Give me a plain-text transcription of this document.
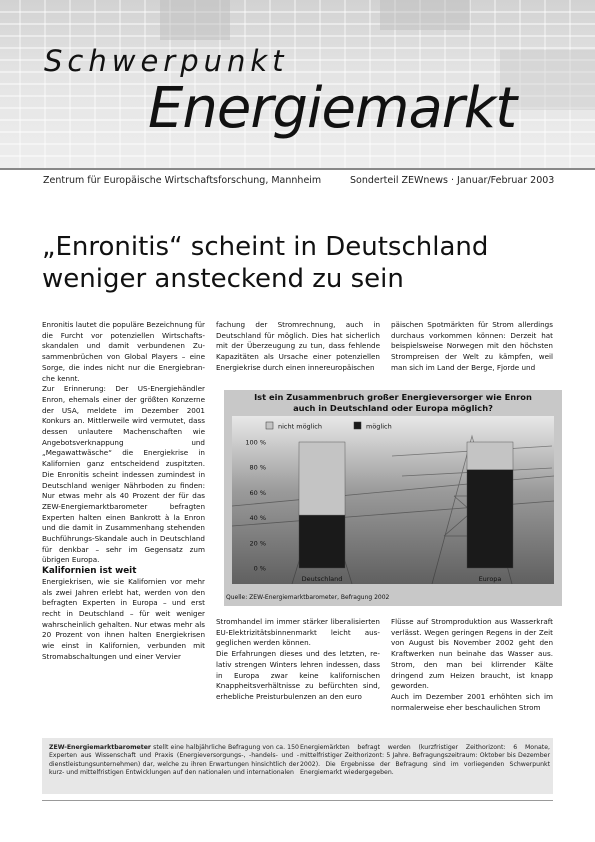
Schwerpunkt
Energiemarkt
Zentrum für Europäische Wirtschaftsforschung, Mannheim	Sonderteil ZEWnews · Januar/Februar 2003
„Enronitis“ scheint in Deutschland weniger ansteckend zu sein

Enronitis lautet die populäre Bezeichnung für die Furcht vor potenziellen Wirtschaftsskandalen und damit verbundenen Zusammenbrüchen von Global Players – eine Sorge, die indes nicht nur die Energiebranche kennt.

Zur Erinnerung: Der US-Energiehändler Enron, ehemals einer der größten Konzerne der USA, meldete im Dezember 2001 Konkurs an. Mittlerweile wird vermutet, dass dessen unlautere Machenschaften wie Angebotsverknappung und „Megawattwäsche“ die Energiekrise in Kalifornien ganz entscheidend zuspitzten. Die Enronitis scheint indessen zumindest in Deutschland weniger Nährboden zu finden: Nur etwas mehr als 40 Prozent der für das ZEW-Energiemarktbarometer befragten Experten halten einen Bankrott à la Enron und die damit in Zusammenhang stehenden Buchführungs-Skandale auch in Deutschland für denkbar – sehr im Gegensatz zum übrigen Europa.

Kalifornien ist weit

Energiekrisen, wie sie Kalifornien vor mehr als zwei Jahren erlebt hat, werden von den befragten Experten in Europa – und erst recht in Deutschland – für weit weniger wahrscheinlich gehalten. Nur etwas mehr als 20 Prozent von ihnen halten Energiekrisen wie einst in Kalifornien, verbunden mit Stromabschaltungen und einer Vervier

fachung der Stromrechnung, auch in Deutschland für möglich. Dies hat sicherlich mit der Überzeugung zu tun, dass fehlende Kapazitäten als Ursache einer potenziellen Energiekrise durch einen innereuropäischen

päischen Spotmärkten für Strom allerdings durchaus vorkommen können: Derzeit hat beispielsweise Norwegen mit den höchsten Strompreisen der Welt zu kämpfen, weil man sich im Land der Berge, Fjorde und

Ist ein Zusammenbruch großer Energieversorger wie Enron
auch in Deutschland oder Europa möglich?
nicht möglich	möglich
0 %
20 %
40 %
60 %
80 %
100 %
Deutschland	Europa
Quelle: ZEW-Energiemarktbarometer, Befragung 2002

Stromhandel im immer stärker liberalisierten EU-Elektrizitätsbinnenmarkt leicht ausgeglichen werden können.

Die Erfahrungen dieses und des letzten, relativ strengen Winters lehren indessen, dass in Europa zwar keine kalifornischen Knappheitsverhältnisse zu befürchten sind, erhebliche Preisturbulenzen an den euro

Flüsse auf Stromproduktion aus Wasserkraft verlässt. Wegen geringen Regens in der Zeit von August bis November 2002 geht den Kraftwerken nun beinahe das Wasser aus. Strom, den man bei klirrender Kälte dringend zum Heizen braucht, ist knapp geworden.

Auch im Dezember 2001 erhöhten sich im normalerweise eher beschaulichen Strom

ZEW-Energiemarktbarometer stellt eine halbjährliche Befragung von ca. 150 Experten aus Wissenschaft und Praxis (Energieversorgungs-, -handels- und -dienstleistungsunternehmen) dar, welche zu ihren Erwartungen hinsichtlich der kurz- und mittelfristigen Entwicklungen auf den nationalen und internationalen
Energiemärkten befragt werden (kurzfristiger Zeithorizont: 6 Monate, mittelfristiger Zeithorizont: 5 Jahre. Befragungszeitraum: Oktober bis Dezember 2002). Die Ergebnisse der Befragung sind im vorliegenden Schwerpunkt Energiemarkt wiedergegeben.
